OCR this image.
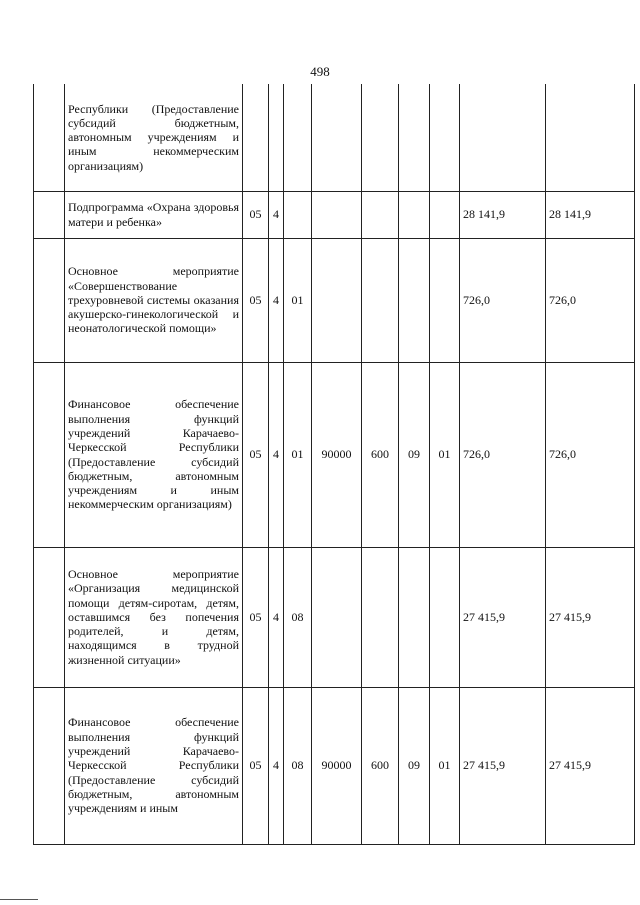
498
	Республики (Предоставление субсидий бюджетным, автономным учреждениям и иным некоммерческим организациям)									
	Подпрограмма «Охрана здоровья матери и ребенка»	05	4						28 141,9	28 141,9
	Основное мероприятие «Совершенствование трехуровневой системы оказания акушерско-гинекологической и неонатологической помощи»	05	4	01					726,0	726,0
	Финансовое обеспечение выполнения функций учреждений Карачаево-Черкесской Республики (Предоставление субсидий бюджетным, автономным учреждениям и иным некоммерческим организациям)	05	4	01	90000	600	09	01	726,0	726,0
	Основное мероприятие «Организация медицинской помощи детям-сиротам, детям, оставшимся без попечения родителей, и детям, находящимся в трудной жизненной ситуации»	05	4	08					27 415,9	27 415,9
	Финансовое обеспечение выполнения функций учреждений Карачаево-Черкесской Республики (Предоставление субсидий бюджетным, автономным учреждениям и иным	05	4	08	90000	600	09	01	27 415,9	27 415,9
